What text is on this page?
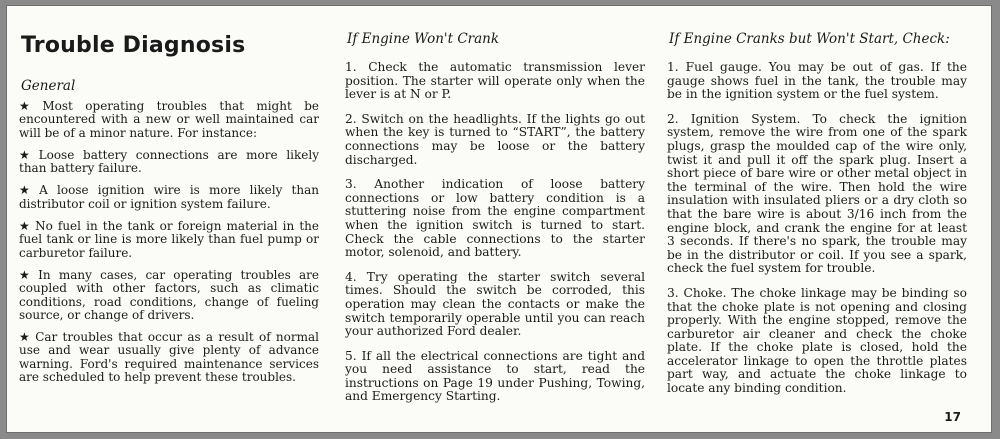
Trouble Diagnosis

General

★ Most operating troubles that might be encountered with a new or well maintained car will be of a minor nature. For instance:

★ Loose battery connections are more likely than battery failure.

★ A loose ignition wire is more likely than distributor coil or ignition system failure.

★ No fuel in the tank or foreign material in the fuel tank or line is more likely than fuel pump or carburetor failure.

★ In many cases, car operating troubles are coupled with other factors, such as climatic conditions, road conditions, change of fueling source, or change of drivers.

★ Car troubles that occur as a result of normal use and wear usually give plenty of advance warning. Ford's required maintenance services are scheduled to help prevent these troubles.

If Engine Won't Crank

1. Check the automatic transmission lever position. The starter will operate only when the lever is at N or P.

2. Switch on the headlights. If the lights go out when the key is turned to “START”, the battery connections may be loose or the battery discharged.

3. Another indication of loose battery connections or low battery condition is a stuttering noise from the engine compartment when the ignition switch is turned to start. Check the cable connections to the starter motor, solenoid, and battery.

4. Try operating the starter switch several times. Should the switch be corroded, this operation may clean the contacts or make the switch temporarily operable until you can reach your authorized Ford dealer.

5. If all the electrical connections are tight and you need assistance to start, read the instructions on Page 19 under Pushing, Towing, and Emergency Starting.

If Engine Cranks but Won't Start, Check:

1. Fuel gauge. You may be out of gas. If the gauge shows fuel in the tank, the trouble may be in the ignition system or the fuel system.

2. Ignition System. To check the ignition system, remove the wire from one of the spark plugs, grasp the moulded cap of the wire only, twist it and pull it off the spark plug. Insert a short piece of bare wire or other metal object in the terminal of the wire. Then hold the wire insulation with insulated pliers or a dry cloth so that the bare wire is about 3/16 inch from the engine block, and crank the engine for at least 3 seconds. If there's no spark, the trouble may be in the distributor or coil. If you see a spark, check the fuel system for trouble.

3. Choke. The choke linkage may be binding so that the choke plate is not opening and closing properly. With the engine stopped, remove the carburetor air cleaner and check the choke plate. If the choke plate is closed, hold the accelerator linkage to open the throttle plates part way, and actuate the choke linkage to locate any binding condition.

17
